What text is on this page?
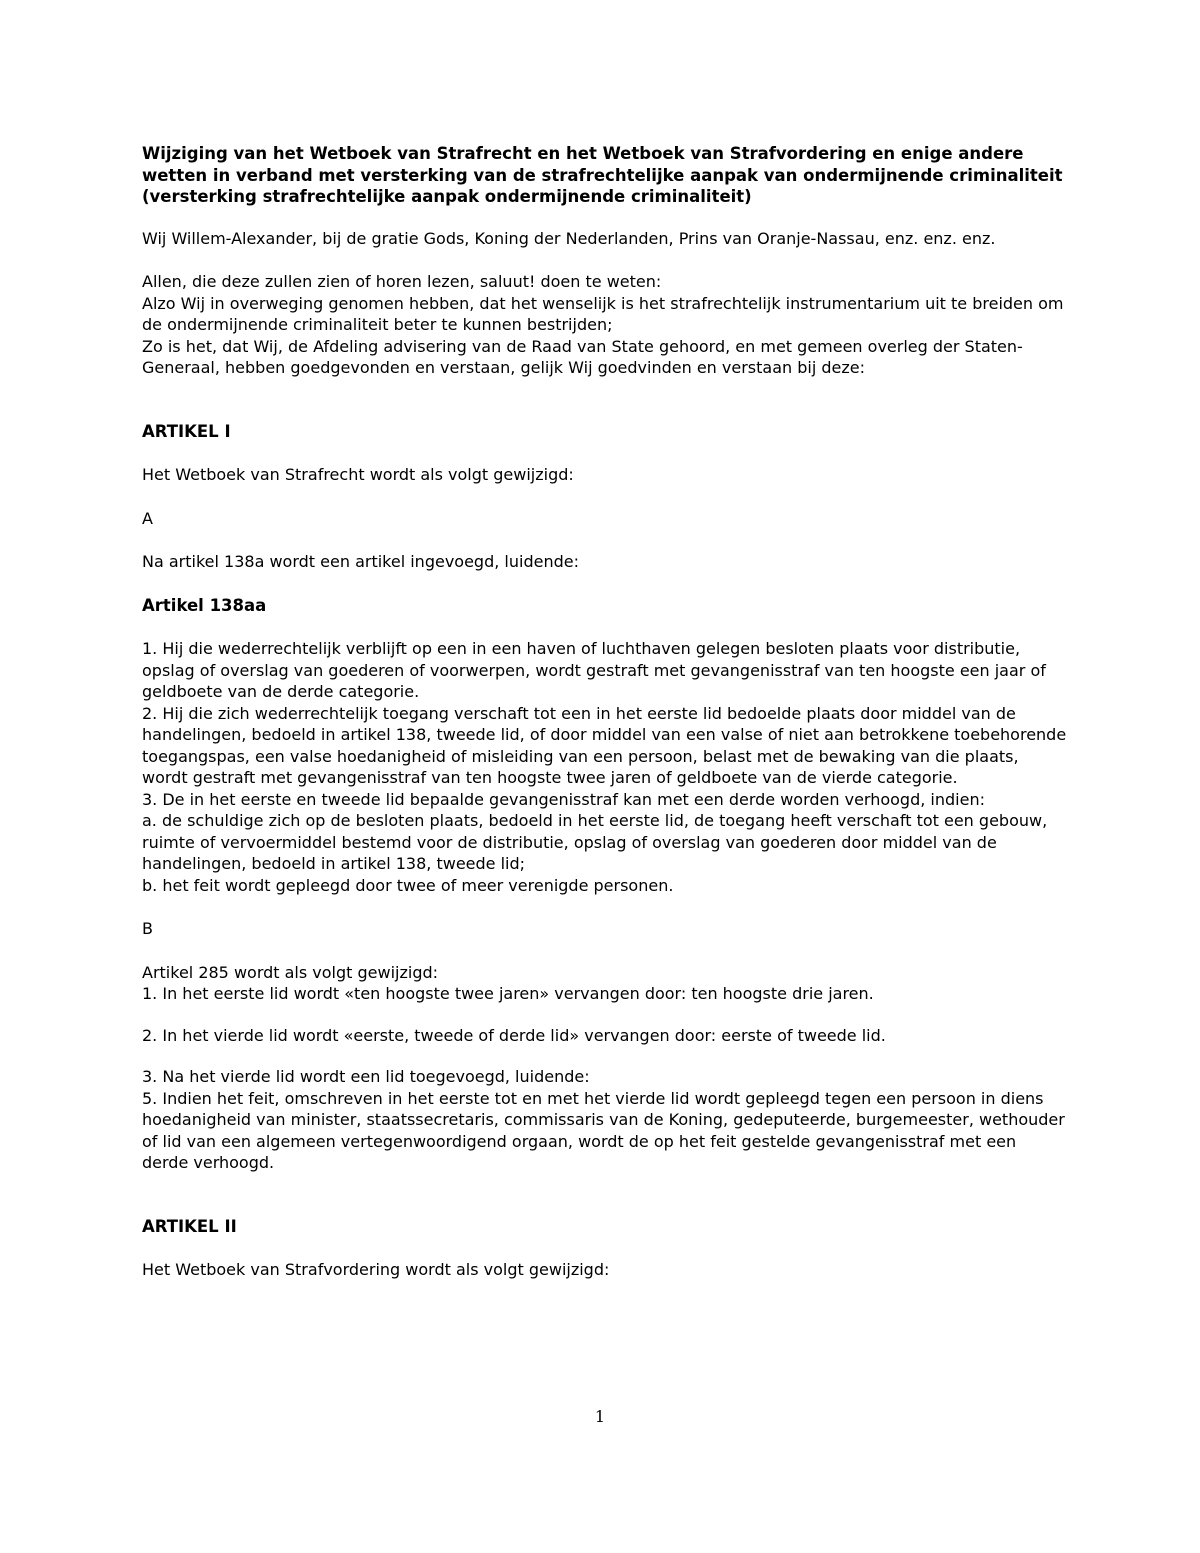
Wijziging van het Wetboek van Strafrecht en het Wetboek van Strafvordering en enige andere wetten in verband met versterking van de strafrechtelijke aanpak van ondermijnende criminaliteit (versterking strafrechtelijke aanpak ondermijnende criminaliteit)

Wij Willem-Alexander, bij de gratie Gods, Koning der Nederlanden, Prins van Oranje-Nassau, enz. enz. enz.

Allen, die deze zullen zien of horen lezen, saluut! doen te weten:

Alzo Wij in overweging genomen hebben, dat het wenselijk is het strafrechtelijk instrumentarium uit te breiden om de ondermijnende criminaliteit beter te kunnen bestrijden;

Zo is het, dat Wij, de Afdeling advisering van de Raad van State gehoord, en met gemeen overleg der Staten-Generaal, hebben goedgevonden en verstaan, gelijk Wij goedvinden en verstaan bij deze:

ARTIKEL I

Het Wetboek van Strafrecht wordt als volgt gewijzigd:

A

Na artikel 138a wordt een artikel ingevoegd, luidende:

Artikel 138aa

1. Hij die wederrechtelijk verblijft op een in een haven of luchthaven gelegen besloten plaats voor distributie, opslag of overslag van goederen of voorwerpen, wordt gestraft met gevangenisstraf van ten hoogste een jaar of geldboete van de derde categorie.

2. Hij die zich wederrechtelijk toegang verschaft tot een in het eerste lid bedoelde plaats door middel van de handelingen, bedoeld in artikel 138, tweede lid, of door middel van een valse of niet aan betrokkene toebehorende toegangspas, een valse hoedanigheid of misleiding van een persoon, belast met de bewaking van die plaats, wordt gestraft met gevangenisstraf van ten hoogste twee jaren of geldboete van de vierde categorie.

3. De in het eerste en tweede lid bepaalde gevangenisstraf kan met een derde worden verhoogd, indien:

a. de schuldige zich op de besloten plaats, bedoeld in het eerste lid, de toegang heeft verschaft tot een gebouw, ruimte of vervoermiddel bestemd voor de distributie, opslag of overslag van goederen door middel van de handelingen, bedoeld in artikel 138, tweede lid;

b. het feit wordt gepleegd door twee of meer verenigde personen.

B

Artikel 285 wordt als volgt gewijzigd:

1. In het eerste lid wordt «ten hoogste twee jaren» vervangen door: ten hoogste drie jaren.

2. In het vierde lid wordt «eerste, tweede of derde lid» vervangen door: eerste of tweede lid.

3. Na het vierde lid wordt een lid toegevoegd, luidende:

5. Indien het feit, omschreven in het eerste tot en met het vierde lid wordt gepleegd tegen een persoon in diens hoedanigheid van minister, staatssecretaris, commissaris van de Koning, gedeputeerde, burgemeester, wethouder of lid van een algemeen vertegenwoordigend orgaan, wordt de op het feit gestelde gevangenisstraf met een derde verhoogd.

ARTIKEL II

Het Wetboek van Strafvordering wordt als volgt gewijzigd:

1
